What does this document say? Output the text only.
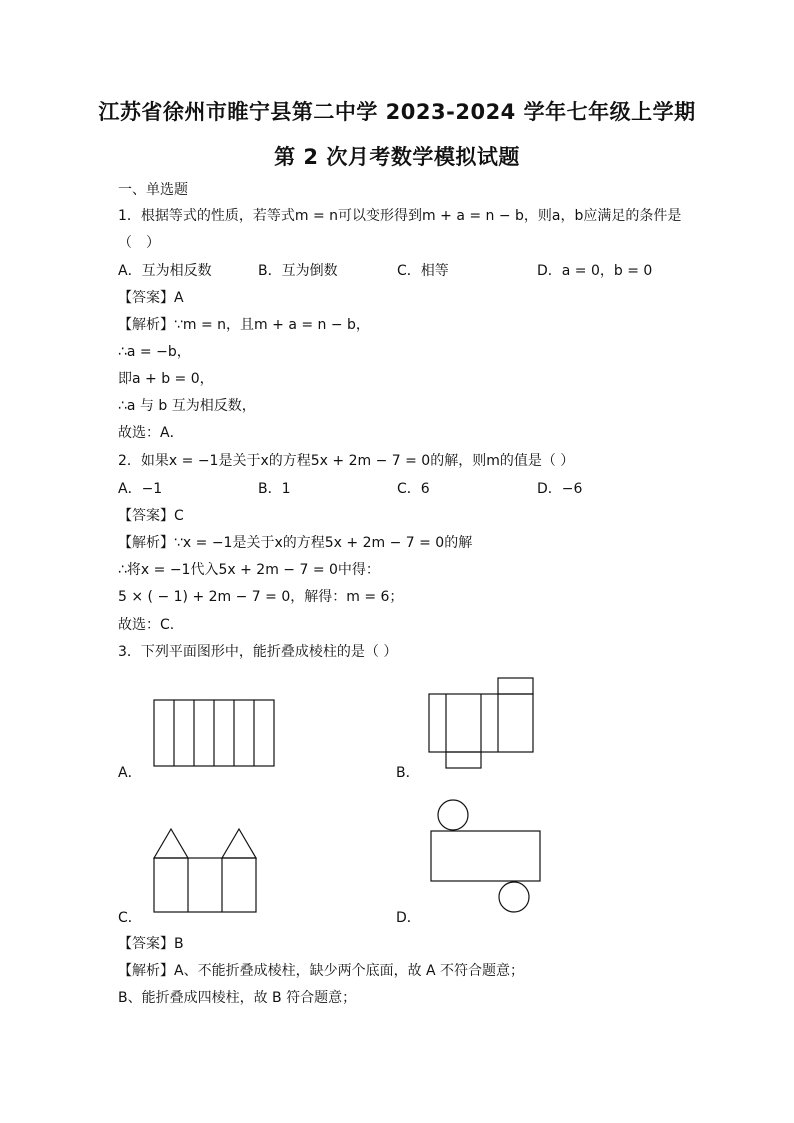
江苏省徐州市睢宁县第二中学 2023-2024 学年七年级上学期
第 2 次月考数学模拟试题
一、单选题
1．根据等式的性质，若等式m = n可以变形得到m + a = n − b，则a，b应满足的条件是
（　）
A．互为相反数	B．互为倒数	C．相等	D．a = 0，b = 0
【答案】A
【解析】∵m = n，且m + a = n − b，
∴a = −b，
即a + b = 0，
∴a 与 b 互为相反数，
故选：A．
2．如果x = −1是关于x的方程5x + 2m − 7 = 0的解，则m的值是（ ）
A．−1	B．1	C．6	D．−6
【答案】C
【解析】∵x = −1是关于x的方程5x + 2m − 7 = 0的解
∴将x = −1代入5x + 2m − 7 = 0中得：
5 × ( − 1) + 2m − 7 = 0，解得：m = 6；
故选：C.
3．下列平面图形中，能折叠成棱柱的是（ ）
A．	B．
C．	D．
【答案】B
【解析】A、不能折叠成棱柱，缺少两个底面，故 A 不符合题意；
B、能折叠成四棱柱，故 B 符合题意；
